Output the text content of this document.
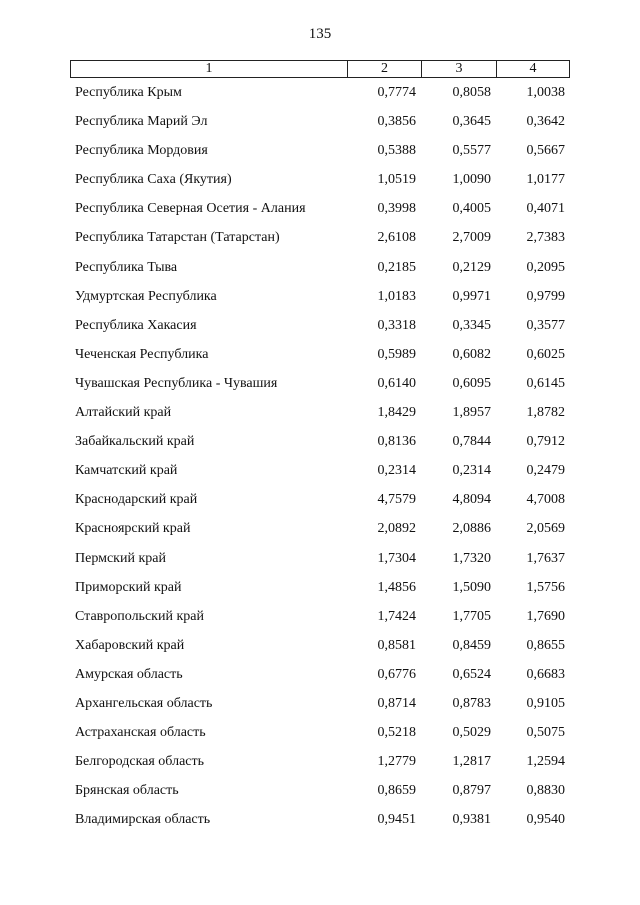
135
1	2	3	4
Республика Крым	0,7774	0,8058	1,0038
Республика Марий Эл	0,3856	0,3645	0,3642
Республика Мордовия	0,5388	0,5577	0,5667
Республика Саха (Якутия)	1,0519	1,0090	1,0177
Республика Северная Осетия - Алания	0,3998	0,4005	0,4071
Республика Татарстан (Татарстан)	2,6108	2,7009	2,7383
Республика Тыва	0,2185	0,2129	0,2095
Удмуртская Республика	1,0183	0,9971	0,9799
Республика Хакасия	0,3318	0,3345	0,3577
Чеченская Республика	0,5989	0,6082	0,6025
Чувашская Республика - Чувашия	0,6140	0,6095	0,6145
Алтайский край	1,8429	1,8957	1,8782
Забайкальский край	0,8136	0,7844	0,7912
Камчатский край	0,2314	0,2314	0,2479
Краснодарский край	4,7579	4,8094	4,7008
Красноярский край	2,0892	2,0886	2,0569
Пермский край	1,7304	1,7320	1,7637
Приморский край	1,4856	1,5090	1,5756
Ставропольский край	1,7424	1,7705	1,7690
Хабаровский край	0,8581	0,8459	0,8655
Амурская область	0,6776	0,6524	0,6683
Архангельская область	0,8714	0,8783	0,9105
Астраханская область	0,5218	0,5029	0,5075
Белгородская область	1,2779	1,2817	1,2594
Брянская область	0,8659	0,8797	0,8830
Владимирская область	0,9451	0,9381	0,9540
